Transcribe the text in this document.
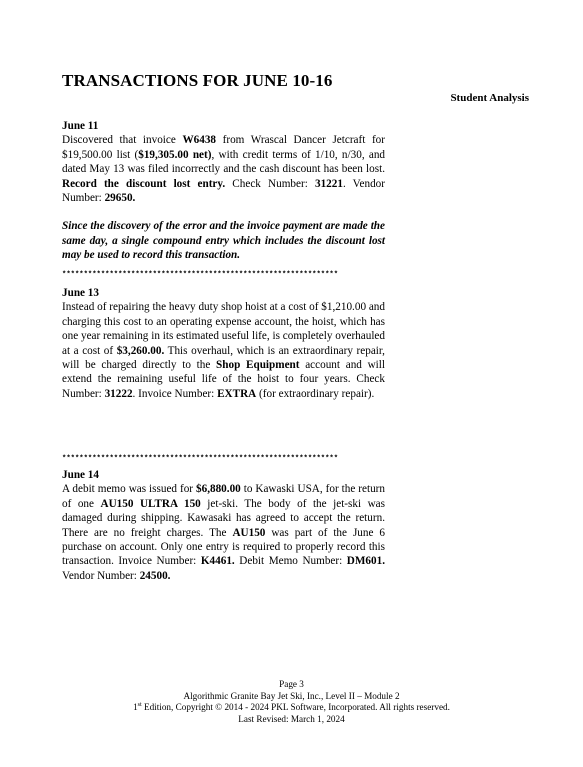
TRANSACTIONS FOR JUNE 10-16
Student Analysis

June 11

Discovered that invoice W6438 from Wrascal Dancer Jetcraft for $19,500.00 list ($19,305.00 net), with credit terms of 1/10, n/30, and dated May 13 was filed incorrectly and the cash discount has been lost. Record the discount lost entry. Check Number: 31221. Vendor Number: 29650.

Since the discovery of the error and the invoice payment are made the same day, a single compound entry which includes the discount lost may be used to record this transaction.

****************************************************************

June 13

Instead of repairing the heavy duty shop hoist at a cost of $1,210.00 and charging this cost to an operating expense account, the hoist, which has one year remaining in its estimated useful life, is completely overhauled at a cost of $3,260.00. This overhaul, which is an extraordinary repair, will be charged directly to the Shop Equipment account and will extend the remaining useful life of the hoist to four years. Check Number: 31222. Invoice Number: EXTRA (for extraordinary repair).

****************************************************************

June 14

A debit memo was issued for $6,880.00 to Kawaski USA, for the return of one AU150 ULTRA 150 jet-ski. The body of the jet-ski was damaged during shipping. Kawasaki has agreed to accept the return. There are no freight charges. The AU150 was part of the June 6 purchase on account. Only one entry is required to properly record this transaction. Invoice Number: K4461. Debit Memo Number: DM601. Vendor Number: 24500.

Page 3
Algorithmic Granite Bay Jet Ski, Inc., Level II – Module 2
1st Edition, Copyright © 2014 - 2024 PKL Software, Incorporated. All rights reserved.
Last Revised: March 1, 2024
